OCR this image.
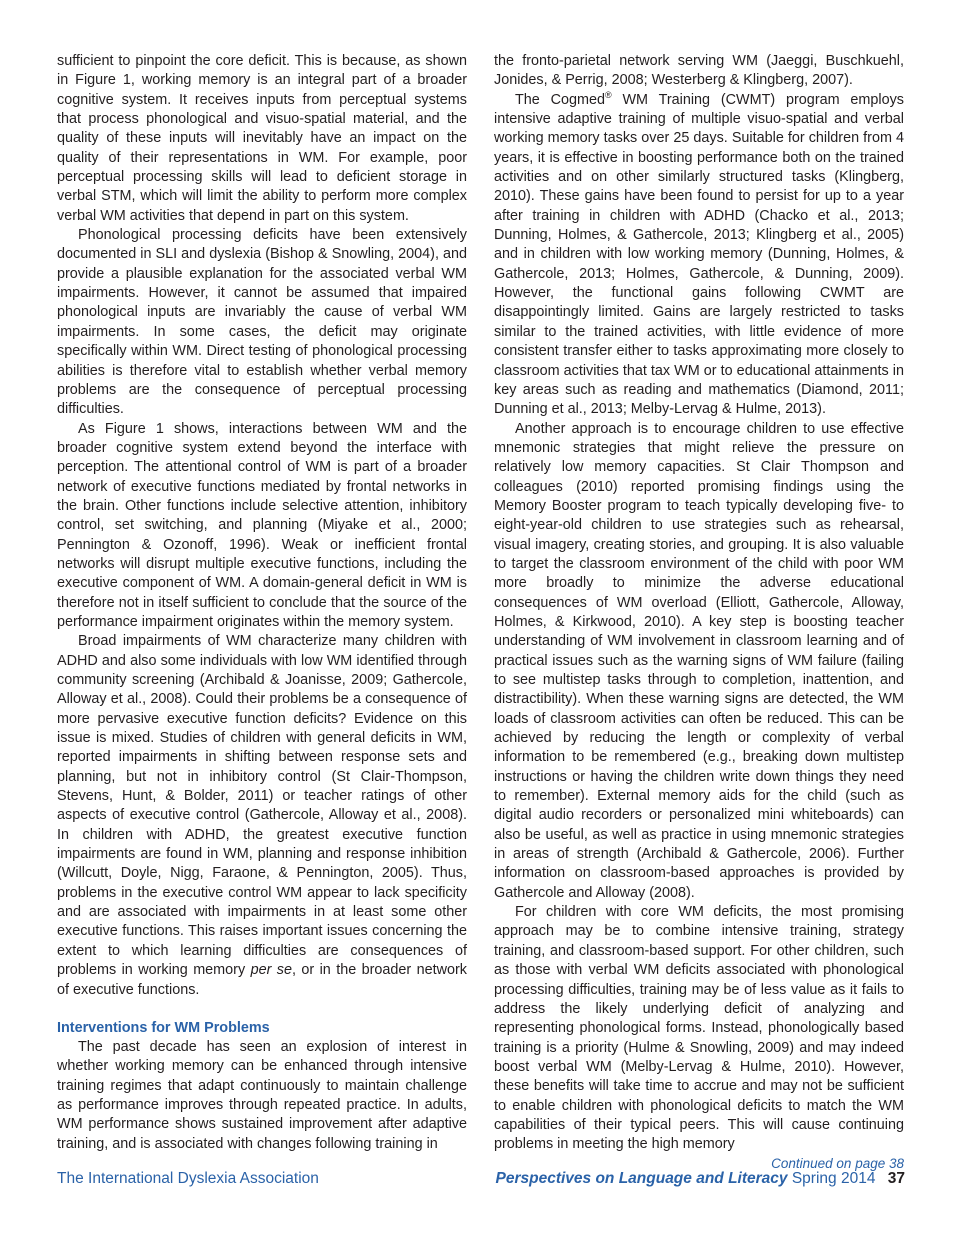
sufficient to pinpoint the core deficit. This is because, as shown in Figure 1, working memory is an integral part of a broader cognitive system. It receives inputs from perceptual systems that process phonological and visuo-spatial material, and the quality of these inputs will inevitably have an impact on the quality of their representations in WM. For example, poor perceptual processing skills will lead to deficient storage in verbal STM, which will limit the ability to perform more complex verbal WM activities that depend in part on this system.

Phonological processing deficits have been extensively documented in SLI and dyslexia (Bishop & Snowling, 2004), and provide a plausible explanation for the associated verbal WM impairments. However, it cannot be assumed that impaired phonological inputs are invariably the cause of verbal WM impairments. In some cases, the deficit may originate specifically within WM. Direct testing of phonological processing abilities is therefore vital to establish whether verbal memory problems are the consequence of perceptual processing difficulties.

As Figure 1 shows, interactions between WM and the broader cognitive system extend beyond the interface with perception. The attentional control of WM is part of a broader network of executive functions mediated by frontal networks in the brain. Other functions include selective attention, inhibitory control, set switching, and planning (Miyake et al., 2000; Pennington & Ozonoff, 1996). Weak or inefficient frontal networks will disrupt multiple executive functions, including the executive component of WM. A domain-general deficit in WM is therefore not in itself sufficient to conclude that the source of the performance impairment originates within the memory system.

Broad impairments of WM characterize many children with ADHD and also some individuals with low WM identified through community screening (Archibald & Joanisse, 2009; Gathercole, Alloway et al., 2008). Could their problems be a consequence of more pervasive executive function deficits? Evidence on this issue is mixed. Studies of children with general deficits in WM, reported impairments in shifting between response sets and planning, but not in inhibitory control (St Clair-Thompson, Stevens, Hunt, & Bolder, 2011) or teacher ratings of other aspects of executive control (Gathercole, Alloway et al., 2008). In children with ADHD, the greatest executive function impairments are found in WM, planning and response inhibition (Willcutt, Doyle, Nigg, Faraone, & Pennington, 2005). Thus, problems in the executive control WM appear to lack specificity and are associated with impairments in at least some other executive functions. This raises important issues concerning the extent to which learning difficulties are consequences of problems in working memory per se, or in the broader network of executive functions.

Interventions for WM Problems

The past decade has seen an explosion of interest in whether working memory can be enhanced through intensive training regimes that adapt continuously to maintain challenge as performance improves through repeated practice. In adults, WM performance shows sustained improvement after adaptive training, and is associated with changes following training in

the fronto-parietal network serving WM (Jaeggi, Buschkuehl, Jonides, & Perrig, 2008; Westerberg & Klingberg, 2007).

The Cogmed® WM Training (CWMT) program employs intensive adaptive training of multiple visuo-spatial and verbal working memory tasks over 25 days. Suitable for children from 4 years, it is effective in boosting performance both on the trained activities and on other similarly structured tasks (Klingberg, 2010). These gains have been found to persist for up to a year after training in children with ADHD (Chacko et al., 2013; Dunning, Holmes, & Gathercole, 2013; Klingberg et al., 2005) and in children with low working memory (Dunning, Holmes, & Gathercole, 2013; Holmes, Gathercole, & Dunning, 2009). However, the functional gains following CWMT are disappointingly limited. Gains are largely restricted to tasks similar to the trained activities, with little evidence of more consistent transfer either to tasks approximating more closely to classroom activities that tax WM or to educational attainments in key areas such as reading and mathematics (Diamond, 2011; Dunning et al., 2013; Melby-Lervag & Hulme, 2013).

Another approach is to encourage children to use effective mnemonic strategies that might relieve the pressure on relatively low memory capacities. St Clair Thompson and colleagues (2010) reported promising findings using the Memory Booster program to teach typically developing five- to eight-year-old children to use strategies such as rehearsal, visual imagery, creating stories, and grouping. It is also valuable to target the classroom environment of the child with poor WM more broadly to minimize the adverse educational consequences of WM overload (Elliott, Gathercole, Alloway, Holmes, & Kirkwood, 2010). A key step is boosting teacher understanding of WM involvement in classroom learning and of practical issues such as the warning signs of WM failure (failing to see multistep tasks through to completion, inattention, and distractibility). When these warning signs are detected, the WM loads of classroom activities can often be reduced. This can be achieved by reducing the length or complexity of verbal information to be remembered (e.g., breaking down multistep instructions or having the children write down things they need to remember). External memory aids for the child (such as digital audio recorders or personalized mini whiteboards) can also be useful, as well as practice in using mnemonic strategies in areas of strength (Archibald & Gathercole, 2006). Further information on classroom-based approaches is provided by Gathercole and Alloway (2008).

For children with core WM deficits, the most promising approach may be to combine intensive training, strategy training, and classroom-based support. For other children, such as those with verbal WM deficits associated with phonological processing difficulties, training may be of less value as it fails to address the likely underlying deficit of analyzing and representing phonological forms. Instead, phonologically based training is a priority (Hulme & Snowling, 2009) and may indeed boost verbal WM (Melby-Lervag & Hulme, 2010). However, these benefits will take time to accrue and may not be sufficient to enable children with phonological deficits to match the WM capabilities of their typical peers. This will cause continuing problems in meeting the high memory

Continued on page 38
The International Dyslexia Association	Perspectives on Language and Literacy Spring 2014 37
